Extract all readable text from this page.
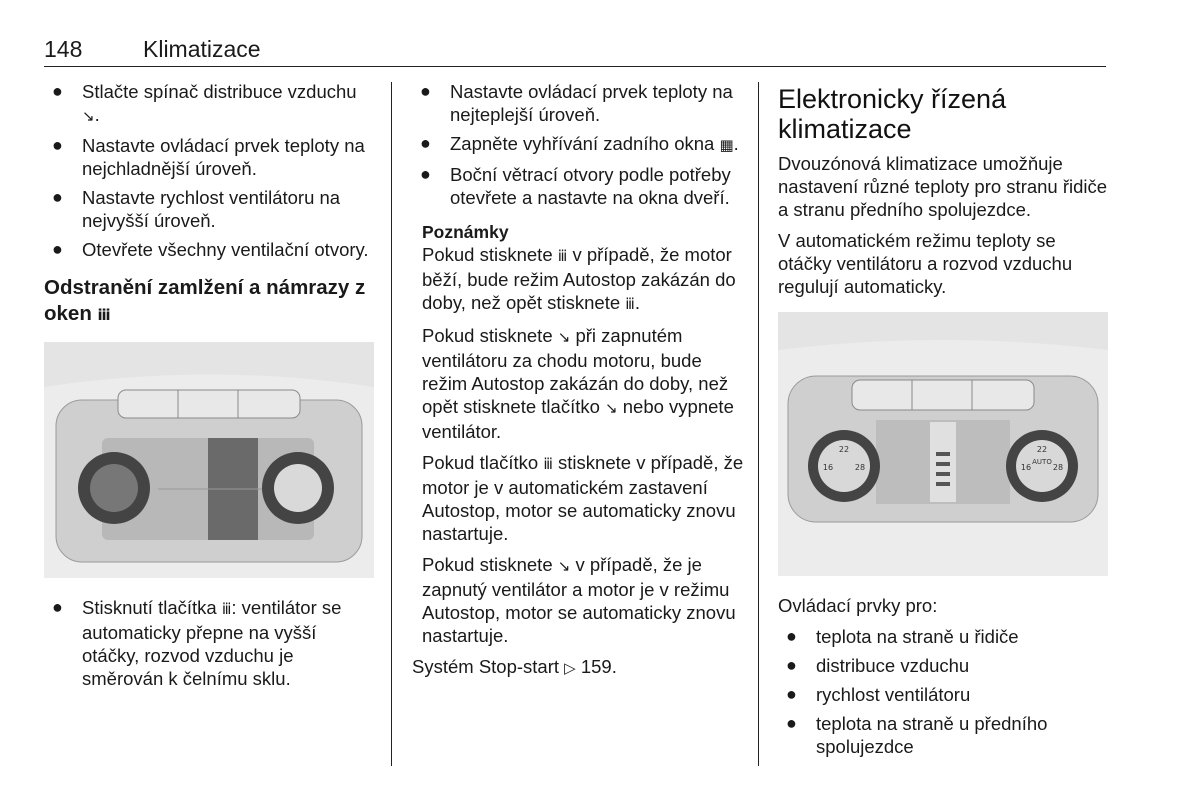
148	Klimatizace
● Stlačte spínač distribuce vzduchu ↘.
● Nastavte ovládací prvek teploty na nejchladnější úroveň.
● Nastavte rychlost ventilátoru na nejvyšší úroveň.
● Otevřete všechny ventilační otvory.
Odstranění zamlžení a námrazy z oken ⅲ
● Stisknutí tlačítka ⅲ: ventilátor se automaticky přepne na vyšší otáčky, rozvod vzduchu je směrován k čelnímu sklu.
● Nastavte ovládací prvek teploty na nejteplejší úroveň.
● Zapněte vyhřívání zadního okna ▦.
● Boční větrací otvory podle potřeby otevřete a nastavte na okna dveří.
Poznámky

Pokud stisknete ⅲ v případě, že motor běží, bude režim Autostop zakázán do doby, než opět stisknete ⅲ.

Pokud stisknete ↘ při zapnutém ventilátoru za chodu motoru, bude režim Autostop zakázán do doby, než opět stisknete tlačítko ↘ nebo vypnete ventilátor.

Pokud tlačítko ⅲ stisknete v případě, že motor je v automatickém zastavení Autostop, motor se automaticky znovu nastartuje.

Pokud stisknete ↘ v případě, že je zapnutý ventilátor a motor je v režimu Autostop, motor se automaticky znovu nastartuje.

Systém Stop-start ▷ 159.

Elektronicky řízená klimatizace

Dvouzónová klimatizace umožňuje nastavení různé teploty pro stranu řidiče a stranu předního spolujezdce.

V automatickém režimu teploty se otáčky ventilátoru a rozvod vzduchu regulují automaticky.

22
16	28
22
16	28
AUTO

Ovládací prvky pro:

● teplota na straně u řidiče
● distribuce vzduchu
● rychlost ventilátoru
● teplota na straně u předního spolujezdce
